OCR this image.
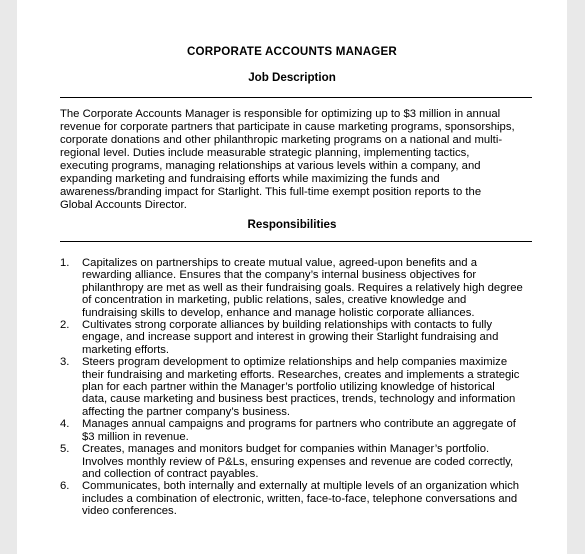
CORPORATE ACCOUNTS MANAGER
Job Description
The Corporate Accounts Manager is responsible for optimizing up to $3 million in annual
revenue for corporate partners that participate in cause marketing programs, sponsorships,
corporate donations and other philanthropic marketing programs on a national and multi-
regional level. Duties include measurable strategic planning, implementing tactics,
executing programs, managing relationships at various levels within a company, and
expanding marketing and fundraising efforts while maximizing the funds and
awareness/branding impact for Starlight. This full-time exempt position reports to the
Global Accounts Director.
Responsibilities
1. Capitalizes on partnerships to create mutual value, agreed-upon benefits and a
rewarding alliance. Ensures that the company’s internal business objectives for
philanthropy are met as well as their fundraising goals. Requires a relatively high degree
of concentration in marketing, public relations, sales, creative knowledge and
fundraising skills to develop, enhance and manage holistic corporate alliances.
2. Cultivates strong corporate alliances by building relationships with contacts to fully
engage, and increase support and interest in growing their Starlight fundraising and
marketing efforts.
3. Steers program development to optimize relationships and help companies maximize
their fundraising and marketing efforts. Researches, creates and implements a strategic
plan for each partner within the Manager’s portfolio utilizing knowledge of historical
data, cause marketing and business best practices, trends, technology and information
affecting the partner company’s business.
4. Manages annual campaigns and programs for partners who contribute an aggregate of
$3 million in revenue.
5. Creates, manages and monitors budget for companies within Manager’s portfolio.
Involves monthly review of P&Ls, ensuring expenses and revenue are coded correctly,
and collection of contract payables.
6. Communicates, both internally and externally at multiple levels of an organization which
includes a combination of electronic, written, face-to-face, telephone conversations and
video conferences.
